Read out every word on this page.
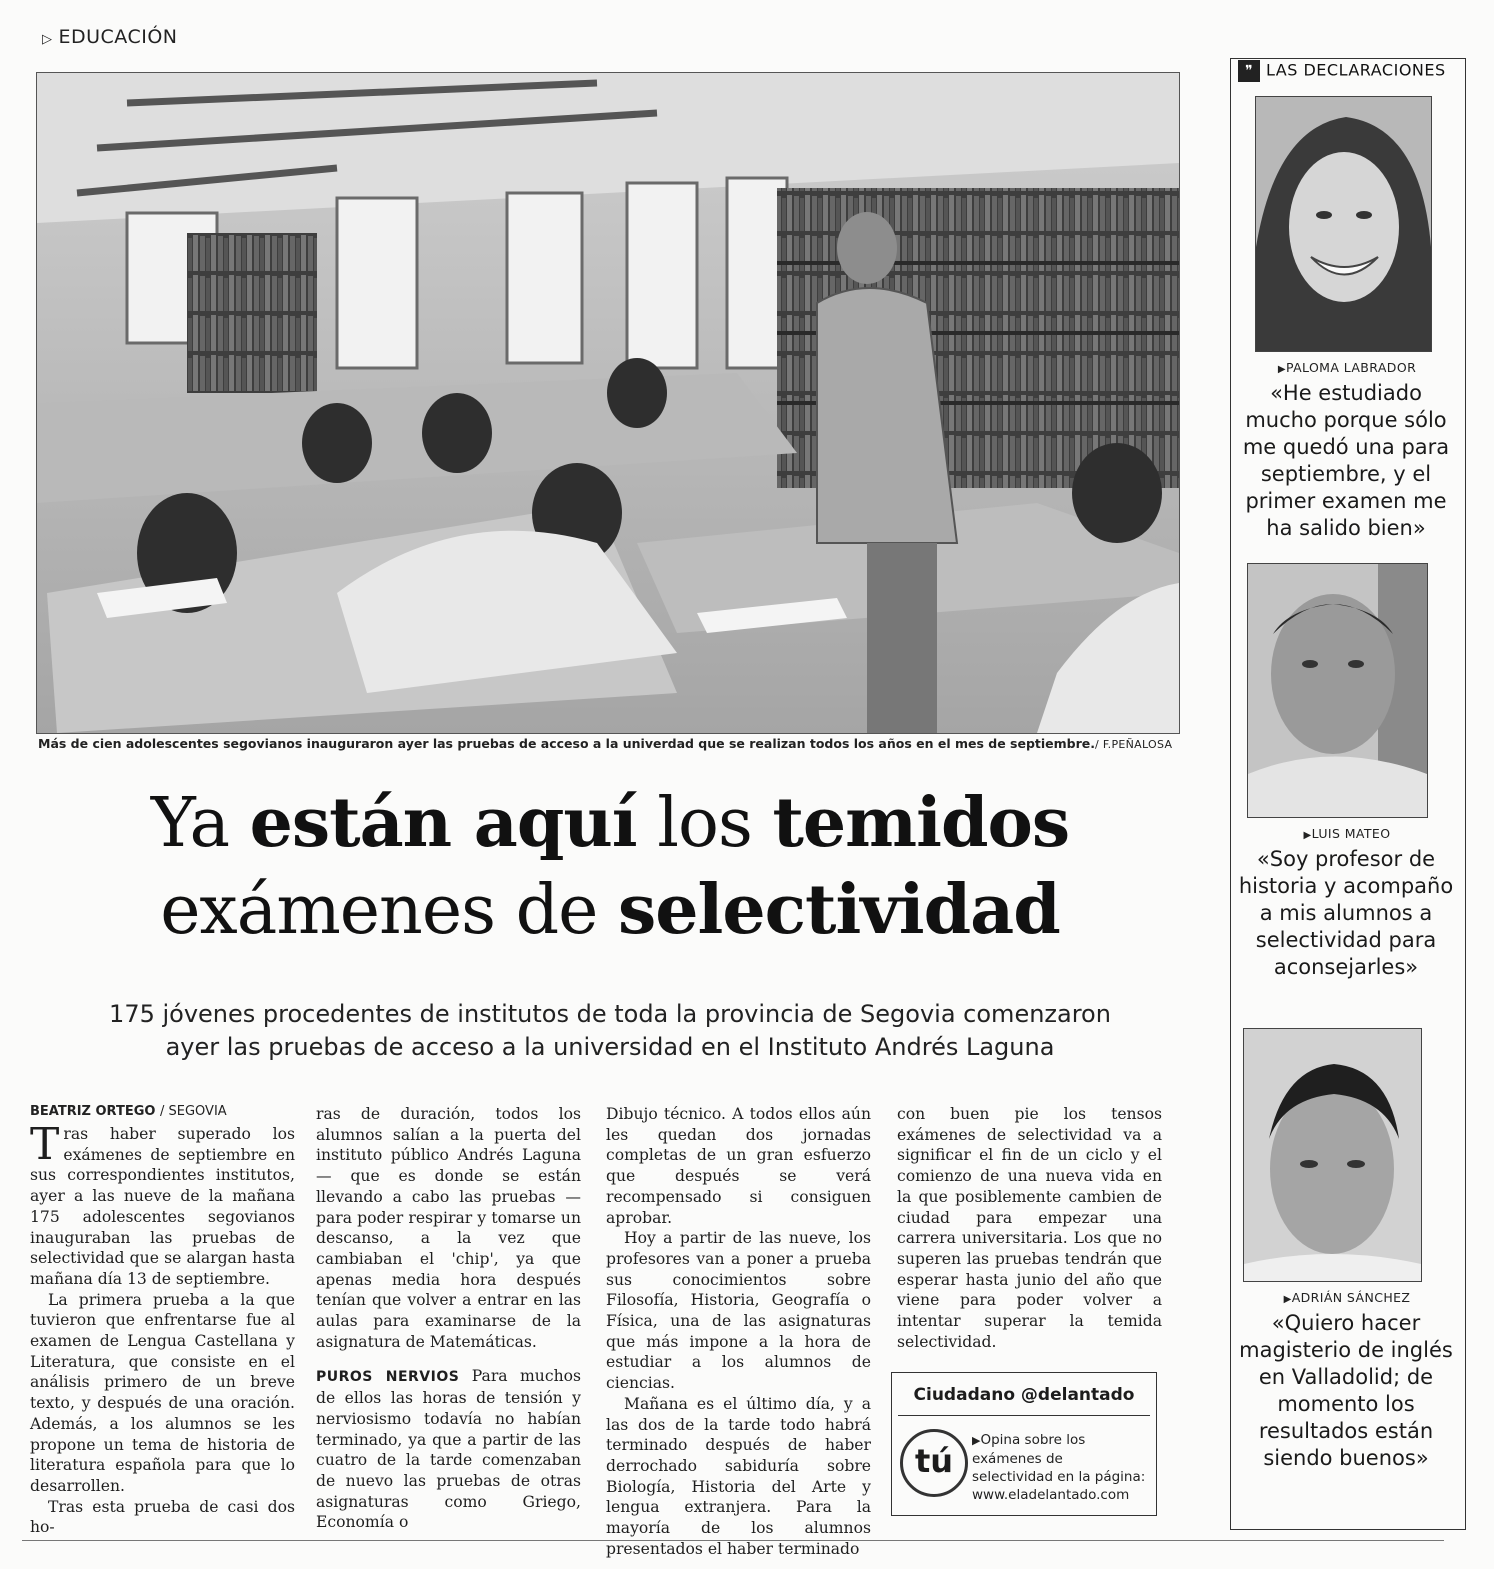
▷ EDUCACIÓN
Más de cien adolescentes segovianos inauguraron ayer las pruebas de acceso a la univerdad que se realizan todos los años en el mes de septiembre./ F.PEÑALOSA
Ya están aquí los temidos
exámenes de selectividad
175 jóvenes procedentes de institutos de toda la provincia de Segovia comenzaron
ayer las pruebas de acceso a la universidad en el Instituto Andrés Laguna
BEATRIZ ORTEGO / SEGOVIA

Tras haber superado los exámenes de septiembre en sus correspondientes institutos, ayer a las nueve de la mañana 175 adolescentes segovianos inauguraban las pruebas de selectividad que se alargan hasta mañana día 13 de septiembre.

La primera prueba a la que tuvieron que enfrentarse fue al examen de Lengua Castellana y Literatura, que consiste en el análisis primero de un breve texto, y después de una oración. Además, a los alumnos se les propone un tema de historia de literatura española para que lo desarrollen.

Tras esta prueba de casi dos ho-

ras de duración, todos los alumnos salían a la puerta del instituto público Andrés Laguna — que es donde se están llevando a cabo las pruebas — para poder respirar y tomarse un descanso, a la vez que cambiaban el 'chip', ya que apenas media hora después tenían que volver a entrar en las aulas para examinarse de la asignatura de Matemáticas.

PUROS NERVIOS Para muchos de ellos las horas de tensión y nerviosismo todavía no habían terminado, ya que a partir de las cuatro de la tarde comenzaban de nuevo las pruebas de otras asignaturas como Griego, Economía o

Dibujo técnico. A todos ellos aún les quedan dos jornadas completas de un gran esfuerzo que después se verá recompensado si consiguen aprobar.

Hoy a partir de las nueve, los profesores van a poner a prueba sus conocimientos sobre Filosofía, Historia, Geografía o Física, una de las asignaturas que más impone a la hora de estudiar a los alumnos de ciencias.

Mañana es el último día, y a las dos de la tarde todo habrá terminado después de haber derrochado sabiduría sobre Biología, Historia del Arte y lengua extranjera. Para la mayoría de los alumnos presentados el haber terminado

con buen pie los tensos exámenes de selectividad va a significar el fin de un ciclo y el comienzo de una nueva vida en la que posiblemente cambien de ciudad para empezar una carrera universitaria. Los que no superen las pruebas tendrán que esperar hasta junio del año que viene para poder volver a intentar superar la temida selectividad.

Ciudadano @delantado
tú
▶Opina sobre los exámenes de selectividad en la página:
www.eladelantado.com
❞ LAS DECLARACIONES
▶PALOMA LABRADOR
«He estudiado mucho porque sólo me quedó una para septiembre, y el primer examen me ha salido bien»
▶LUIS MATEO
«Soy profesor de historia y acompaño a mis alumnos a selectividad para aconsejarles»
▶ADRIÁN SÁNCHEZ
«Quiero hacer magisterio de inglés en Valladolid; de momento los resultados están siendo buenos»
